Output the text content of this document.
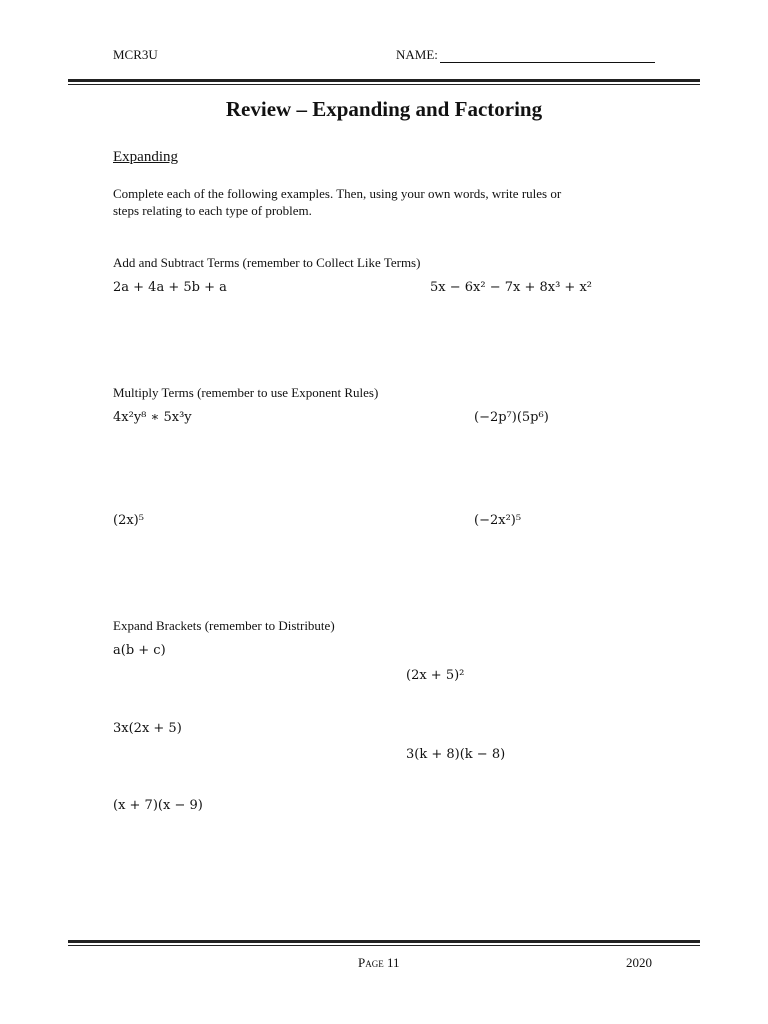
MCR3U	NAME:
Review – Expanding and Factoring
Expanding
Complete each of the following examples. Then, using your own words, write rules or
steps relating to each type of problem.
Add and Subtract Terms (remember to Collect Like Terms)
2a + 4a + 5b + a	5x − 6x² − 7x + 8x³ + x²
Multiply Terms (remember to use Exponent Rules)
4x²y⁸ ∗ 5x³y	(−2p⁷)(5p⁶)
(2x)⁵	(−2x²)⁵
Expand Brackets (remember to Distribute)
a(b + c)
(2x + 5)²
3x(2x + 5)
3(k + 8)(k − 8)
(x + 7)(x − 9)
Page 11	2020
